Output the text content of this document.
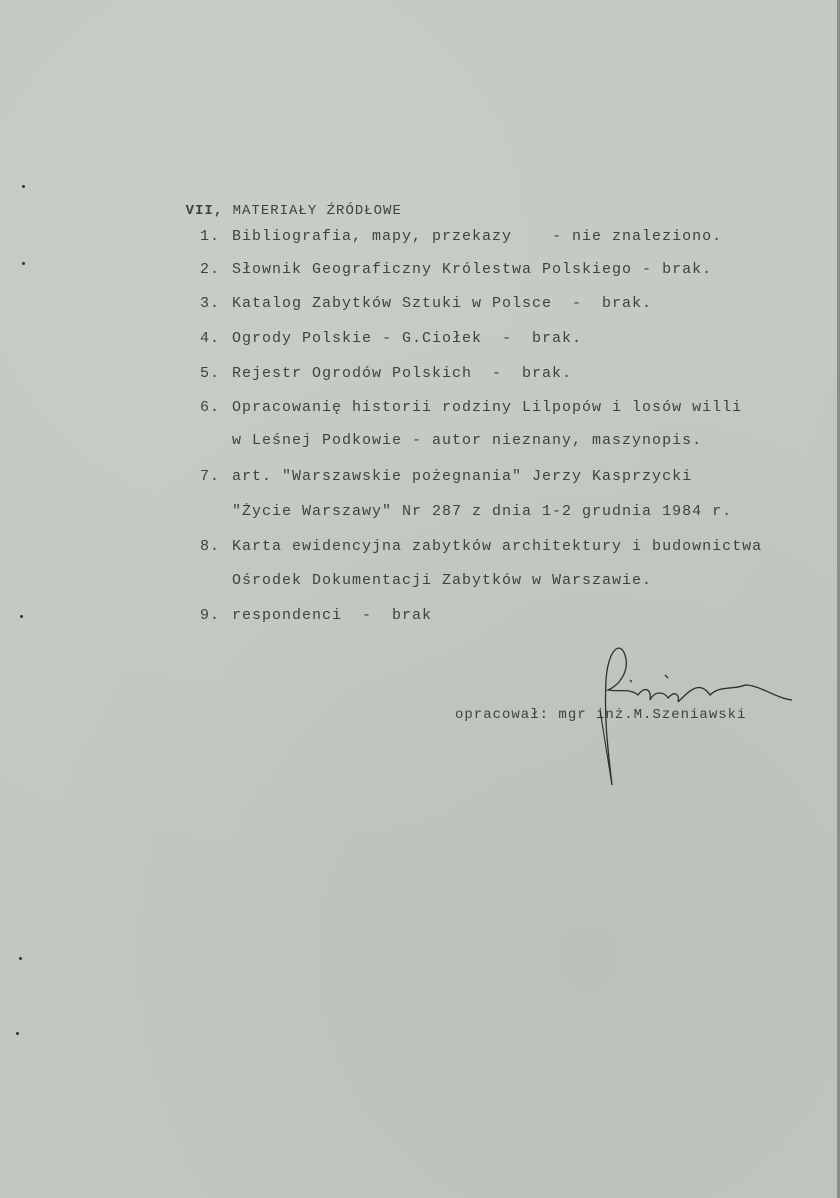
VII, MATERIAŁY ŹRÓDŁOWE

1. Bibliografia, mapy, przekazy    - nie znaleziono.
2. Słownik Geograficzny Królestwa Polskiego - brak.
3. Katalog Zabytków Sztuki w Polsce  -  brak.
4. Ogrody Polskie - G.Ciołek  -  brak.
5. Rejestr Ogrodów Polskich  -  brak.
6. Opracowanię historii rodziny Lilpopów i losów willi
w Leśnej Podkowie - autor nieznany, maszynopis.
7. art. "Warszawskie pożegnania" Jerzy Kasprzycki
"Życie Warszawy" Nr 287 z dnia 1-2 grudnia 1984 r.
8. Karta ewidencyjna zabytków architektury i budownictwa
Ośrodek Dokumentacji Zabytków w Warszawie.
9. respondenci  -  brak
opracował: mgr inż.M.Szeniawski
